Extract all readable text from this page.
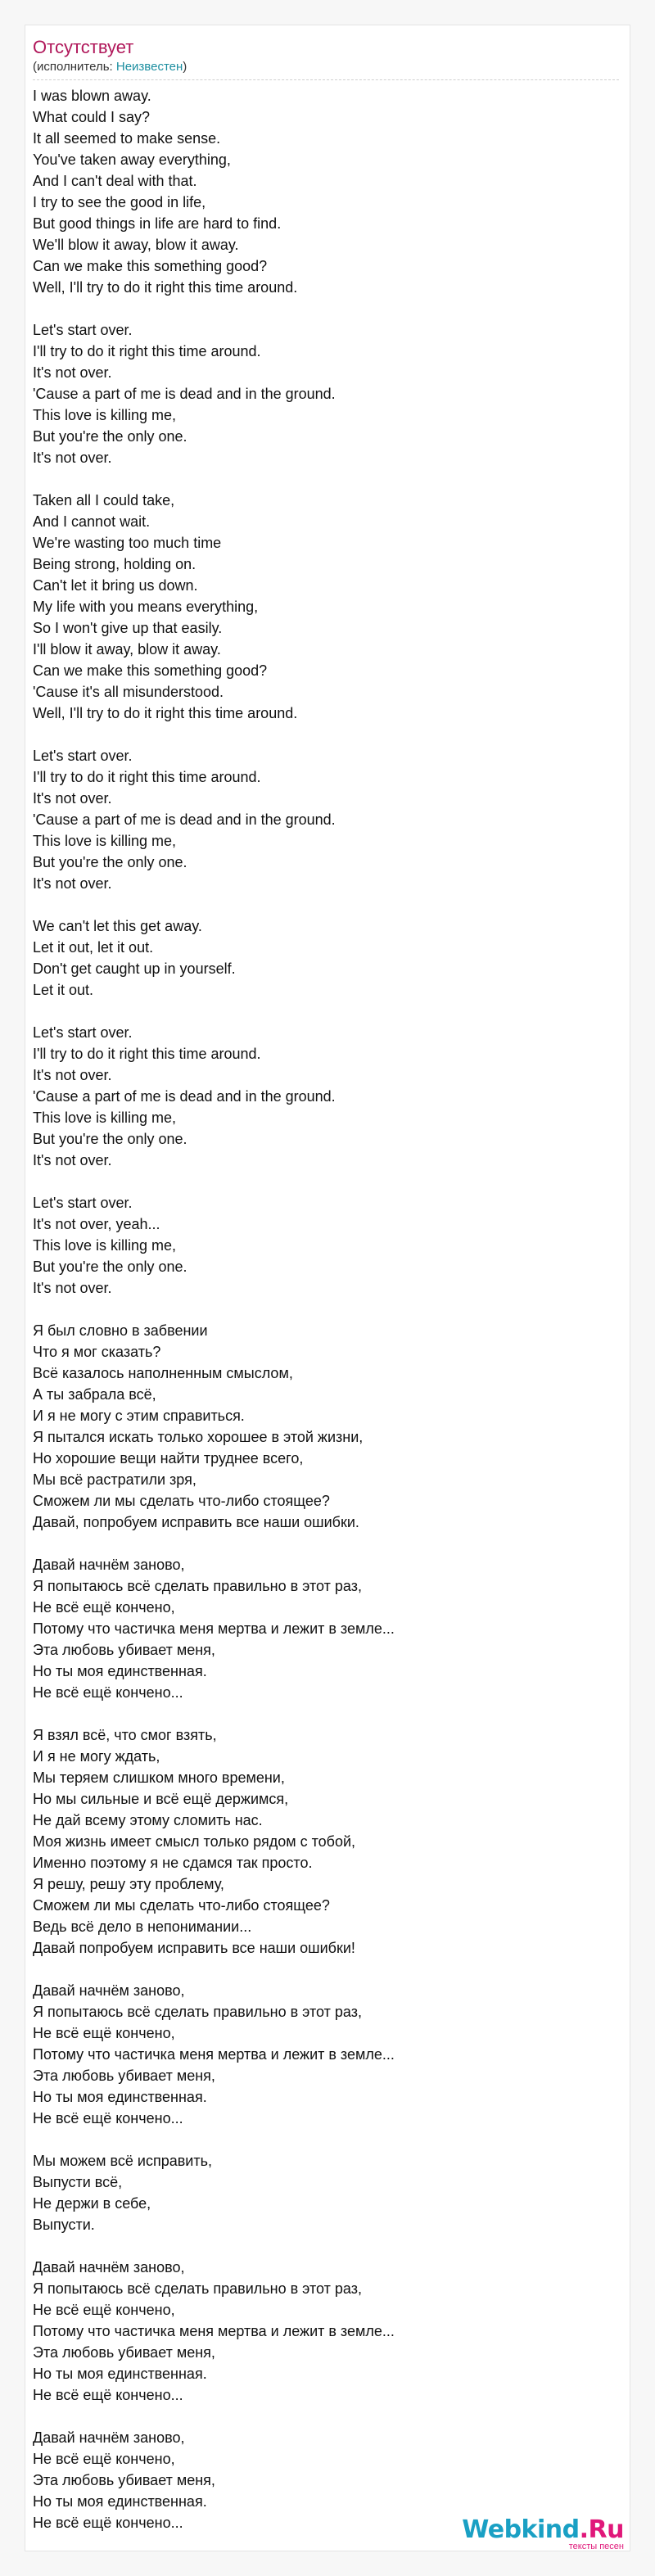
Отсутствует
(исполнитель: Неизвестен)
I was blown away.
What could I say?
It all seemed to make sense.
You've taken away everything,
And I can't deal with that.
I try to see the good in life,
But good things in life are hard to find.
We'll blow it away, blow it away.
Can we make this something good?
Well, I'll try to do it right this time around.
Let's start over.
I'll try to do it right this time around.
It's not over.
'Cause a part of me is dead and in the ground.
This love is killing me,
But you're the only one.
It's not over.
Taken all I could take,
And I cannot wait.
We're wasting too much time
Being strong, holding on.
Can't let it bring us down.
My life with you means everything,
So I won't give up that easily.
I'll blow it away, blow it away.
Can we make this something good?
'Cause it's all misunderstood.
Well, I'll try to do it right this time around.
Let's start over.
I'll try to do it right this time around.
It's not over.
'Cause a part of me is dead and in the ground.
This love is killing me,
But you're the only one.
It's not over.
We can't let this get away.
Let it out, let it out.
Don't get caught up in yourself.
Let it out.
Let's start over.
I'll try to do it right this time around.
It's not over.
'Cause a part of me is dead and in the ground.
This love is killing me,
But you're the only one.
It's not over.
Let's start over.
It's not over, yeah...
This love is killing me,
But you're the only one.
It's not over.
Я был словно в забвении
Что я мог сказать?
Всё казалось наполненным смыслом,
А ты забрала всё,
И я не могу с этим справиться.
Я пытался искать только хорошее в этой жизни,
Но хорошие вещи найти труднее всего,
Мы всё растратили зря,
Сможем ли мы сделать что-либо стоящее?
Давай, попробуем исправить все наши ошибки.
Давай начнём заново,
Я попытаюсь всё сделать правильно в этот раз,
Не всё ещё кончено,
Потому что частичка меня мертва и лежит в земле...
Эта любовь убивает меня,
Но ты моя единственная.
Не всё ещё кончено...
Я взял всё, что смог взять,
И я не могу ждать,
Мы теряем слишком много времени,
Но мы сильные и всё ещё держимся,
Не дай всему этому сломить нас.
Моя жизнь имеет смысл только рядом с тобой,
Именно поэтому я не сдамся так просто.
Я решу, решу эту проблему,
Сможем ли мы сделать что-либо стоящее?
Ведь всё дело в непонимании...
Давай попробуем исправить все наши ошибки!
Давай начнём заново,
Я попытаюсь всё сделать правильно в этот раз,
Не всё ещё кончено,
Потому что частичка меня мертва и лежит в земле...
Эта любовь убивает меня,
Но ты моя единственная.
Не всё ещё кончено...
Мы можем всё исправить,
Выпусти всё,
Не держи в себе,
Выпусти.
Давай начнём заново,
Я попытаюсь всё сделать правильно в этот раз,
Не всё ещё кончено,
Потому что частичка меня мертва и лежит в земле...
Эта любовь убивает меня,
Но ты моя единственная.
Не всё ещё кончено...
Давай начнём заново,
Не всё ещё кончено,
Эта любовь убивает меня,
Но ты моя единственная.
Не всё ещё кончено...	Webkind.Ru
тексты песен
